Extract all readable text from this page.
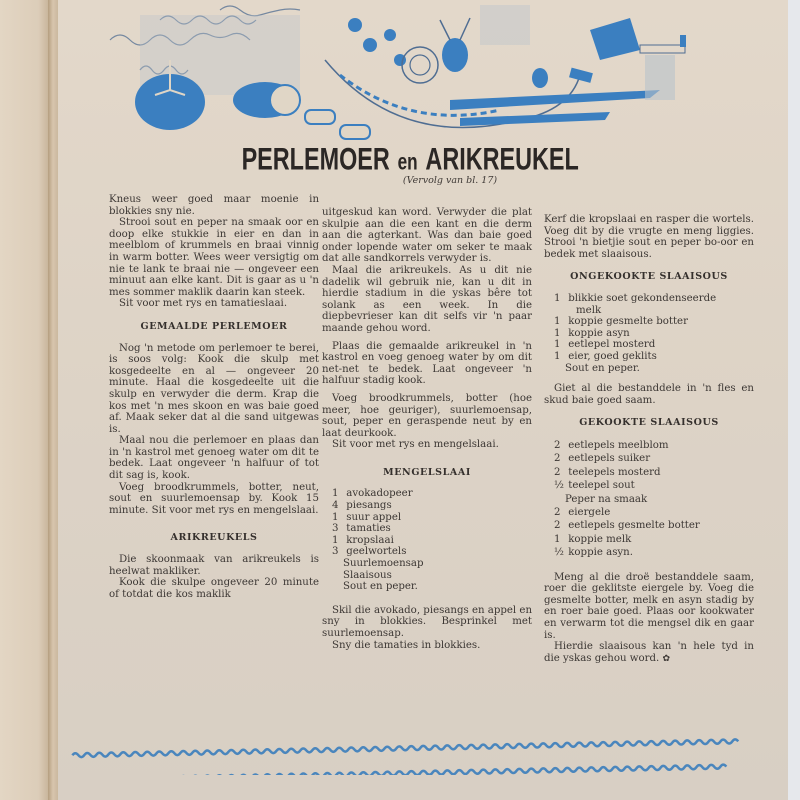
PERLEMOER en ARIKREUKEL
(Vervolg van bl. 17)

Kneus weer goed maar moenie in blokkies sny nie.

Strooi sout en peper na smaak oor en doop elke stukkie in eier en dan in meelblom of krummels en braai vinnig in warm botter. Wees weer versigtig om nie te lank te braai nie — ongeveer een minuut aan elke kant. Dit is gaar as u 'n mes sommer maklik daarin kan steek.

Sit voor met rys en tamatieslaai.

GEMAALDE PERLEMOER

Nog 'n metode om perlemoer te berei, is soos volg: Kook die skulp met kosgedeelte en al — ongeveer 20 minute. Haal die kosgedeelte uit die skulp en verwyder die derm. Krap die kos met 'n mes skoon en was baie goed af. Maak seker dat al die sand uitgewas is.

Maal nou die perlemoer en plaas dan in 'n kastrol met genoeg water om dit te bedek. Laat ongeveer 'n halfuur of tot dit sag is, kook.

Voeg broodkrummels, botter, neut, sout en suurlemoensap by. Kook 15 minute. Sit voor met rys en mengelslaai.

ARIKREUKELS

Die skoonmaak van arikreukels is heelwat makliker.

Kook die skulpe ongeveer 20 minute of totdat die kos maklik

uitgeskud kan word. Verwyder die plat skulpie aan die een kant en die derm aan die agterkant. Was dan baie goed onder lopende water om seker te maak dat alle sandkorrels verwyder is.

Maal die arikreukels. As u dit nie dadelik wil gebruik nie, kan u dit in hierdie stadium in die yskas bêre tot solank as een week. In die diepbevrieser kan dit selfs vir 'n paar maande gehou word.

Plaas die gemaalde arikreukel in 'n kastrol en voeg genoeg water by om dit net-net te bedek. Laat ongeveer 'n halfuur stadig kook.

Voeg broodkrummels, botter (hoe meer, hoe geuriger), suurlemoensap, sout, peper en geraspende neut by en laat deurkook.

Sit voor met rys en mengelslaai.

MENGELSLAAI
1 avokadopeer
4 piesangs
1 suur appel
3 tamaties
1 kropslaai
3 geelwortels
Suurlemoensap
Slaaisous
Sout en peper.

Skil die avokado, piesangs en appel en sny in blokkies. Besprinkel met suurlemoensap.

Sny die tamaties in blokkies.

Kerf die kropslaai en rasper die wortels. Voeg dit by die vrugte en meng liggies. Strooi 'n bietjie sout en peper bo-oor en bedek met slaaisous.

ONGEKOOKTE SLAAISOUS
1 blikkie soet gekondenseerde
melk
1 koppie gesmelte botter
1 koppie asyn
1 eetlepel mosterd
1 eier, goed geklits
Sout en peper.

Giet al die bestanddele in 'n fles en skud baie goed saam.

GEKOOKTE SLAAISOUS
2 eetlepels meelblom
2 eetlepels suiker
2 teelepels mosterd
½ teelepel sout
Peper na smaak
2 eiergele
2 eetlepels gesmelte botter
1 koppie melk
½ koppie asyn.

Meng al die droë bestanddele saam, roer die geklitste eiergele by. Voeg die gesmelte botter, melk en asyn stadig by en roer baie goed. Plaas oor kookwater en verwarm tot die mengsel dik en gaar is.

Hierdie slaaisous kan 'n hele tyd in die yskas gehou word. ✿
